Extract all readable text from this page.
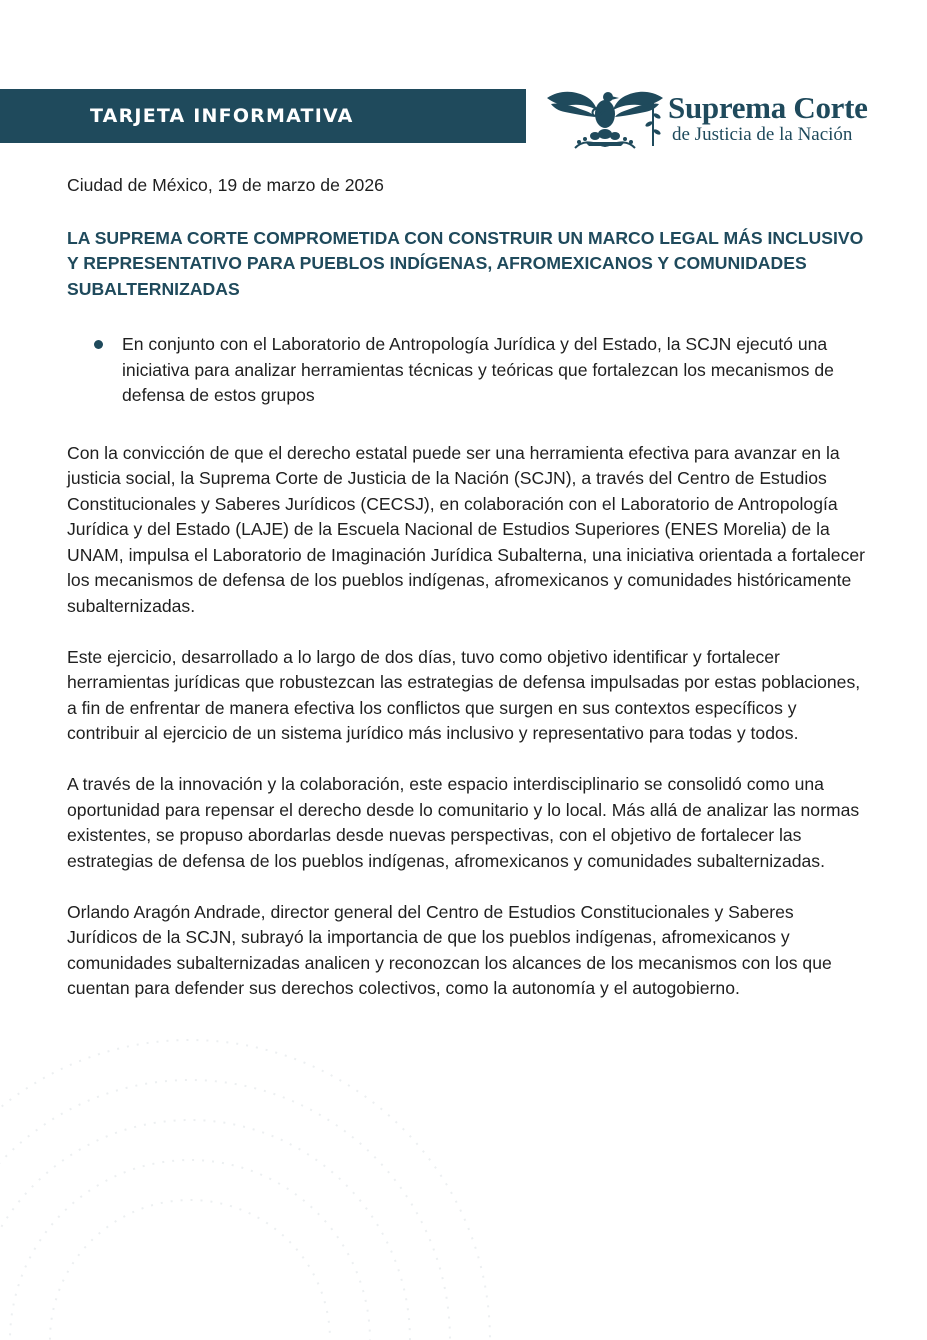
TARJETA INFORMATIVA	Suprema Corte
de Justicia de la Nación

Ciudad de México, 19 de marzo de 2026

LA SUPREMA CORTE COMPROMETIDA CON CONSTRUIR UN MARCO LEGAL MÁS INCLUSIVO Y REPRESENTATIVO PARA PUEBLOS INDÍGENAS, AFROMEXICANOS Y COMUNIDADES SUBALTERNIZADAS

En conjunto con el Laboratorio de Antropología Jurídica y del Estado, la SCJN ejecutó una iniciativa para analizar herramientas técnicas y teóricas que fortalezcan los mecanismos de defensa de estos grupos

Con la convicción de que el derecho estatal puede ser una herramienta efectiva para avanzar en la justicia social, la Suprema Corte de Justicia de la Nación (SCJN), a través del Centro de Estudios Constitucionales y Saberes Jurídicos (CECSJ), en colaboración con el Laboratorio de Antropología Jurídica y del Estado (LAJE) de la Escuela Nacional de Estudios Superiores (ENES Morelia) de la UNAM, impulsa el Laboratorio de Imaginación Jurídica Subalterna, una iniciativa orientada a fortalecer los mecanismos de defensa de los pueblos indígenas, afromexicanos y comunidades históricamente subalternizadas.

Este ejercicio, desarrollado a lo largo de dos días, tuvo como objetivo identificar y fortalecer herramientas jurídicas que robustezcan las estrategias de defensa impulsadas por estas poblaciones, a fin de enfrentar de manera efectiva los conflictos que surgen en sus contextos específicos y contribuir al ejercicio de un sistema jurídico más inclusivo y representativo para todas y todos.

A través de la innovación y la colaboración, este espacio interdisciplinario se consolidó como una oportunidad para repensar el derecho desde lo comunitario y lo local. Más allá de analizar las normas existentes, se propuso abordarlas desde nuevas perspectivas, con el objetivo de fortalecer las estrategias de defensa de los pueblos indígenas, afromexicanos y comunidades subalternizadas.

Orlando Aragón Andrade, director general del Centro de Estudios Constitucionales y Saberes Jurídicos de la SCJN, subrayó la importancia de que los pueblos indígenas, afromexicanos y comunidades subalternizadas analicen y reconozcan los alcances de los mecanismos con los que cuentan para defender sus derechos colectivos, como la autonomía y el autogobierno.
